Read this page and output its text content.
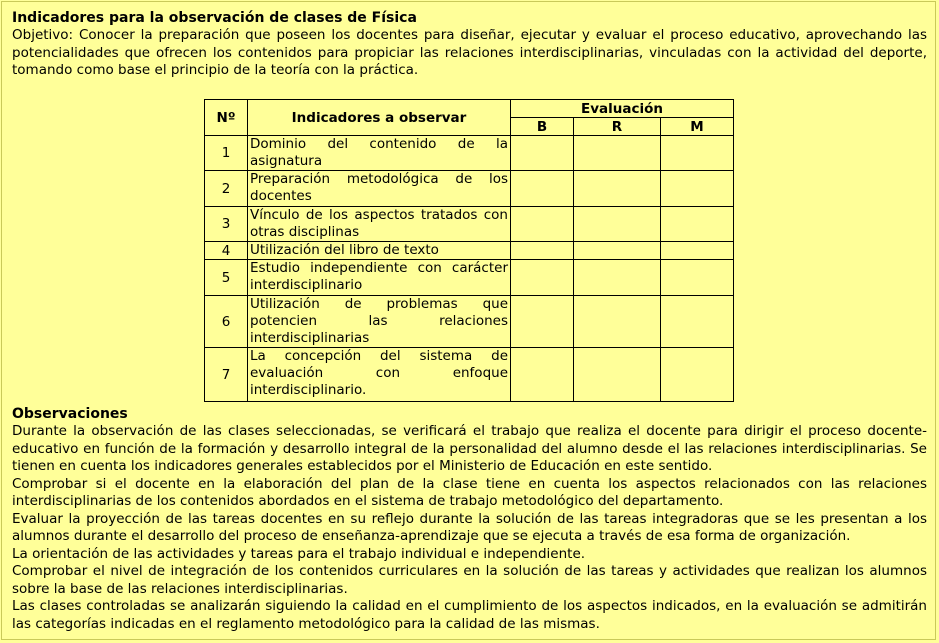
Indicadores para la observación de clases de Física

Objetivo: Conocer la preparación que poseen los docentes para diseñar, ejecutar y evaluar el proceso educativo, aprovechando las potencialidades que ofrecen los contenidos para propiciar las relaciones interdisciplinarias, vinculadas con la actividad del deporte, tomando como base el principio de la teoría con la práctica.

Nº	Indicadores a observar	Evaluación		
		B	R	M
1	Dominio del contenido de la asignatura			
2	Preparación metodológica de los docentes			
3	Vínculo de los aspectos tratados con otras disciplinas			
4	Utilización del libro de texto			
5	Estudio independiente con carácter interdisciplinario			
6	Utilización de problemas que potencien las relaciones interdisciplinarias			
7	La concepción del sistema de evaluación con enfoque interdisciplinario.			

Observaciones

Durante la observación de las clases seleccionadas, se verificará el trabajo que realiza el docente para dirigir el proceso docente-educativo en función de la formación y desarrollo integral de la personalidad del alumno desde el las relaciones interdisciplinarias. Se tienen en cuenta los indicadores generales establecidos por el Ministerio de Educación en este sentido.

Comprobar si el docente en la elaboración del plan de la clase tiene en cuenta los aspectos relacionados con las relaciones interdisciplinarias de los contenidos abordados en el sistema de trabajo metodológico del departamento.

Evaluar la proyección de las tareas docentes en su reflejo durante la solución de las tareas integradoras que se les presentan a los alumnos durante el desarrollo del proceso de enseñanza-aprendizaje que se ejecuta a través de esa forma de organización.

La orientación de las actividades y tareas para el trabajo individual e independiente.

Comprobar el nivel de integración de los contenidos curriculares en la solución de las tareas y actividades que realizan los alumnos sobre la base de las relaciones interdisciplinarias.

Las clases controladas se analizarán siguiendo la calidad en el cumplimiento de los aspectos indicados, en la evaluación se admitirán las categorías indicadas en el reglamento metodológico para la calidad de las mismas.
